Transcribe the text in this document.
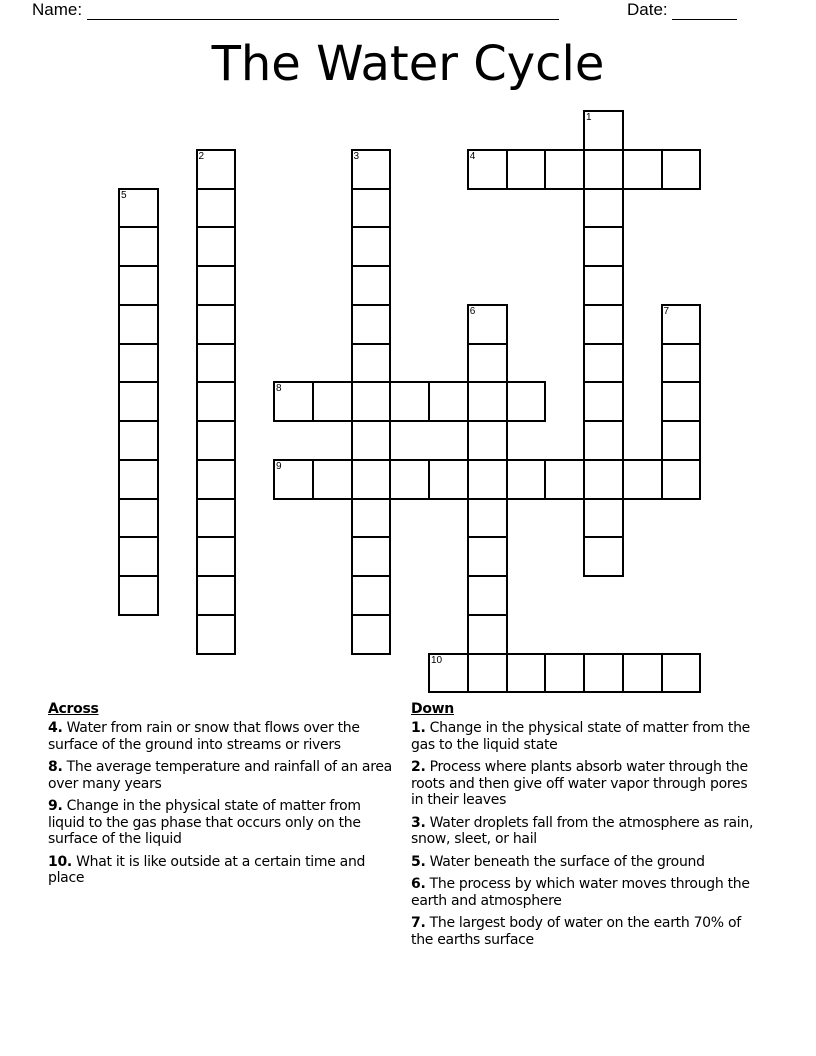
Name:	Date:
The Water Cycle
1
2	3	4
5
6	7
8
9
10
Across
4. Water from rain or snow that flows over the surface of the ground into streams or rivers
8. The average temperature and rainfall of an area over many years
9. Change in the physical state of matter from liquid to the gas phase that occurs only on the surface of the liquid
10. What it is like outside at a certain time and place
Down
1. Change in the physical state of matter from the gas to the liquid state
2. Process where plants absorb water through the roots and then give off water vapor through pores in their leaves
3. Water droplets fall from the atmosphere as rain, snow, sleet, or hail
5. Water beneath the surface of the ground
6. The process by which water moves through the earth and atmosphere
7. The largest body of water on the earth 70% of the earths surface
